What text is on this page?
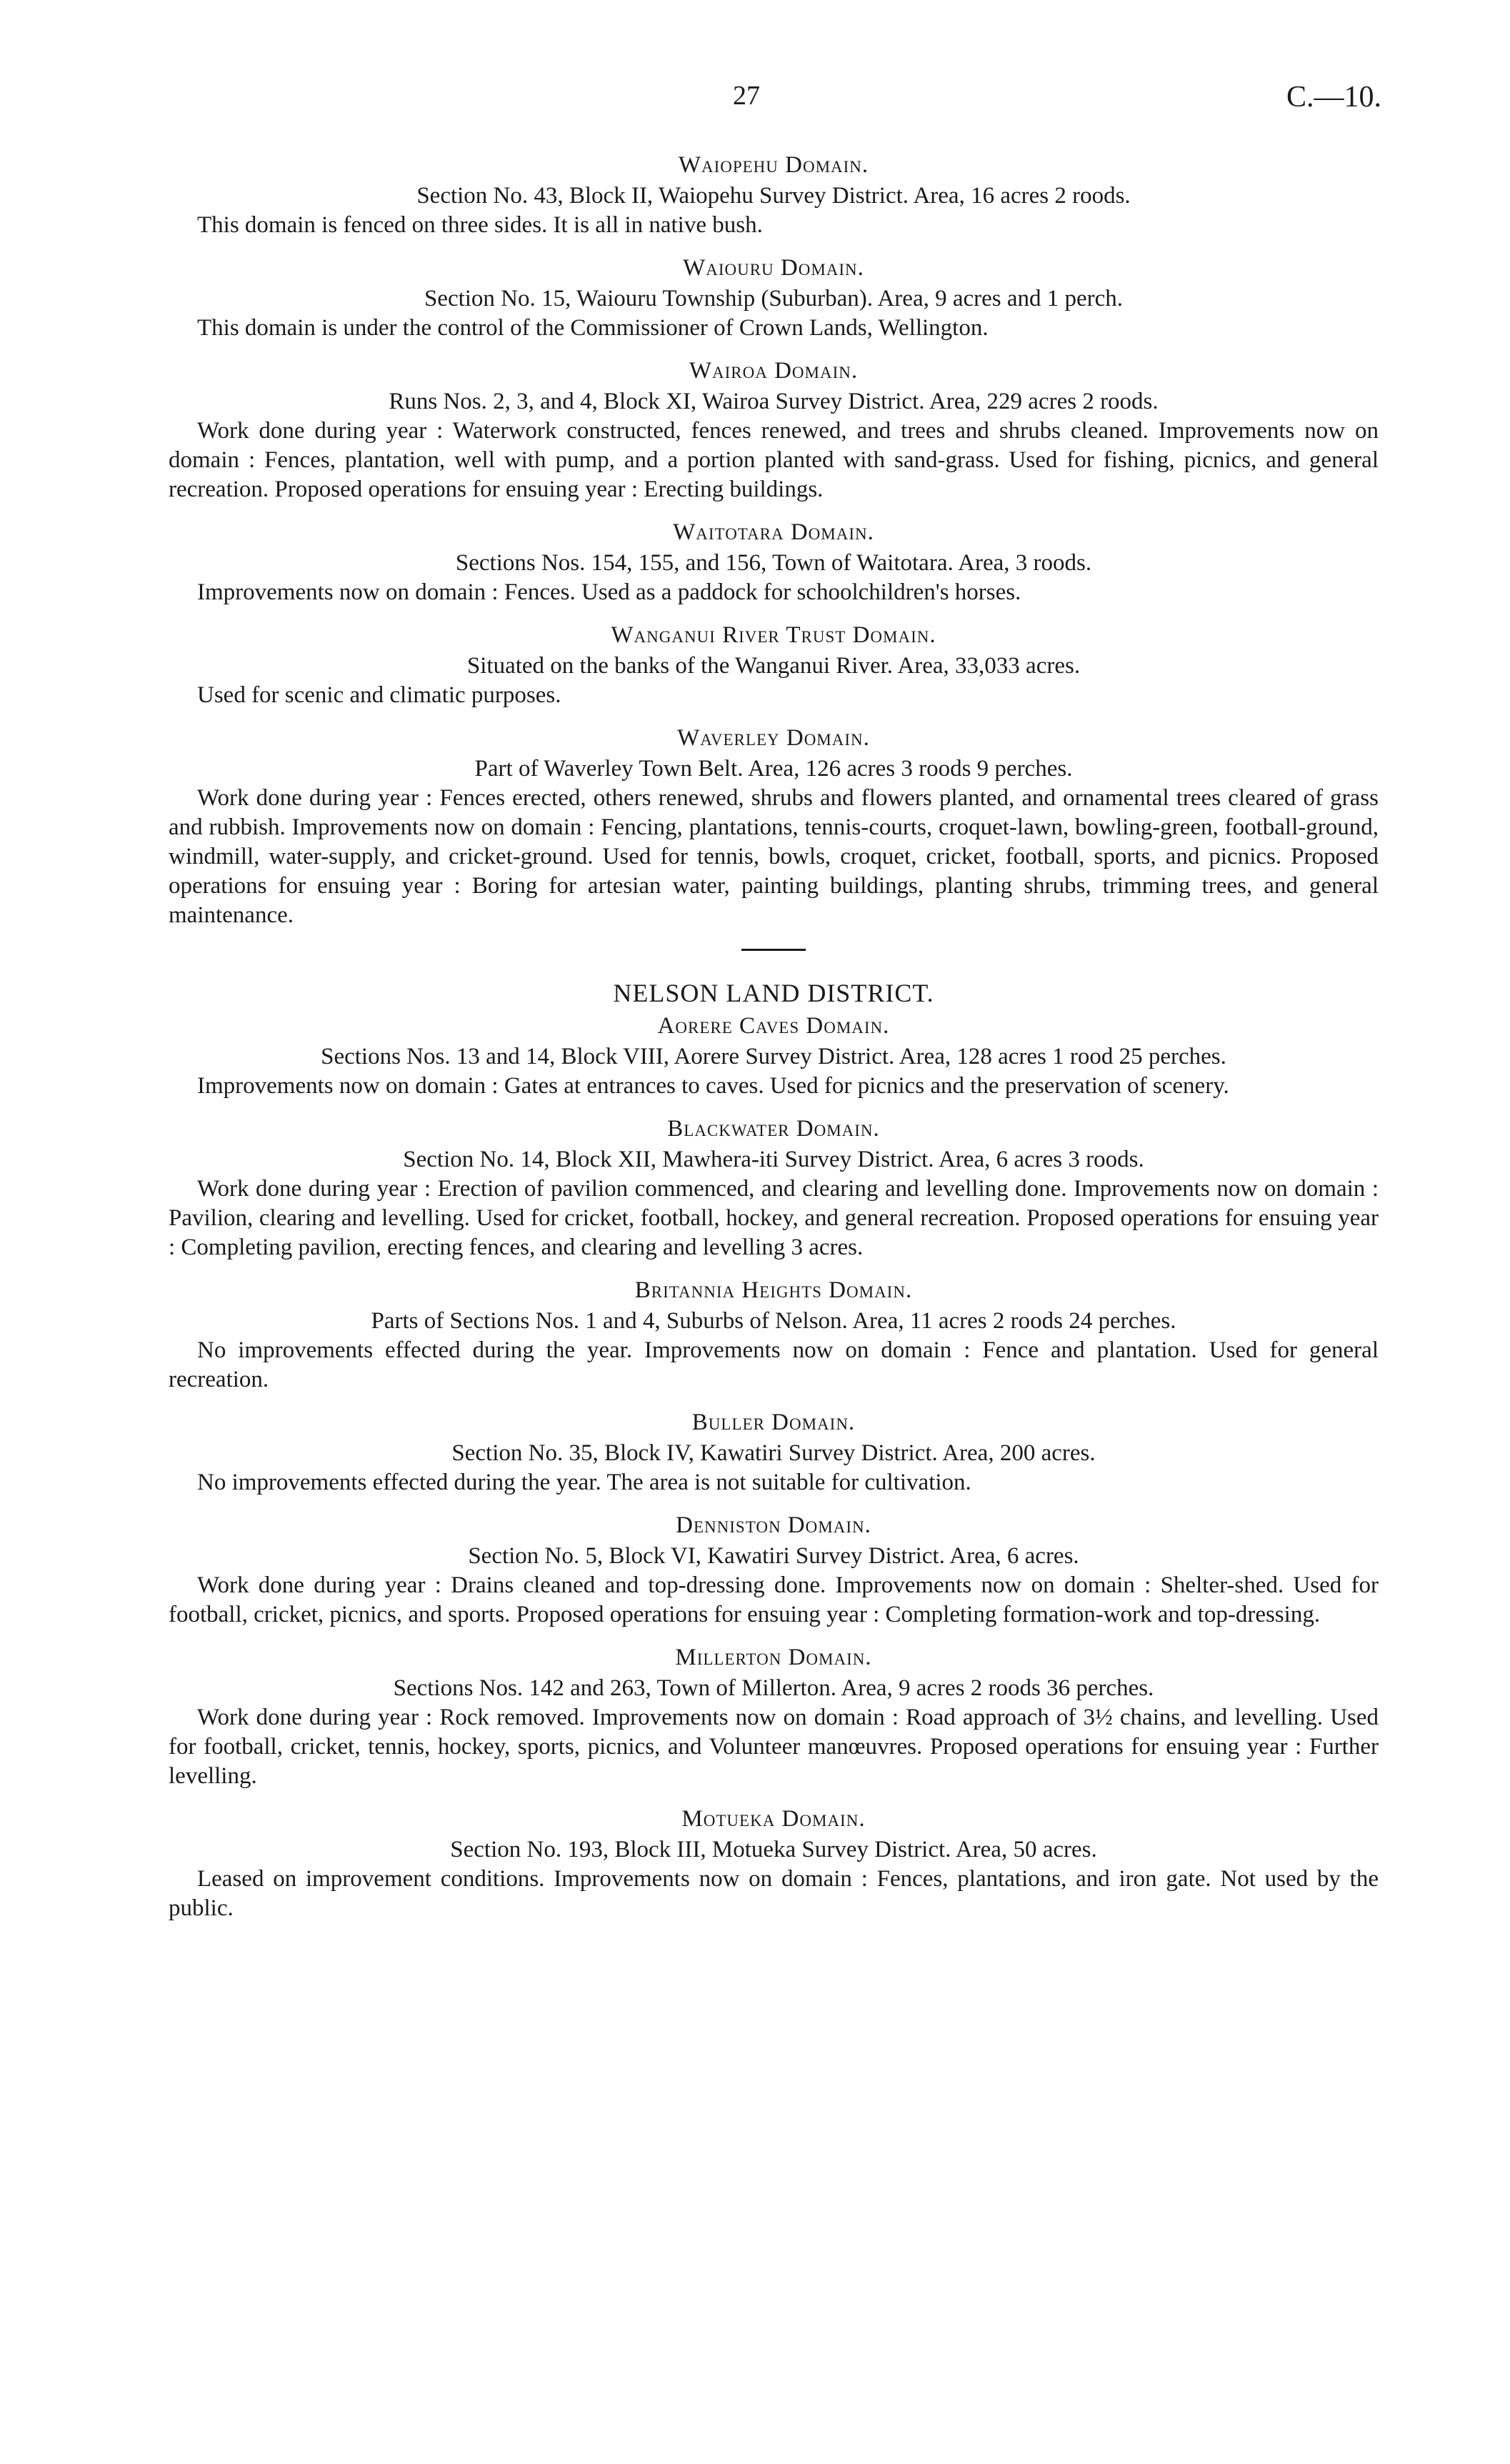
27	C.—10.
Waiopehu Domain.

Section No. 43, Block II, Waiopehu Survey District. Area, 16 acres 2 roods.

This domain is fenced on three sides. It is all in native bush.

Waiouru Domain.

Section No. 15, Waiouru Township (Suburban). Area, 9 acres and 1 perch.

This domain is under the control of the Commissioner of Crown Lands, Wellington.

Wairoa Domain.

Runs Nos. 2, 3, and 4, Block XI, Wairoa Survey District. Area, 229 acres 2 roods.

Work done during year : Waterwork constructed, fences renewed, and trees and shrubs cleaned. Improvements now on domain : Fences, plantation, well with pump, and a portion planted with sand-grass. Used for fishing, picnics, and general recreation. Proposed operations for ensuing year : Erecting buildings.

Waitotara Domain.

Sections Nos. 154, 155, and 156, Town of Waitotara. Area, 3 roods.

Improvements now on domain : Fences. Used as a paddock for schoolchildren's horses.

Wanganui River Trust Domain.

Situated on the banks of the Wanganui River. Area, 33,033 acres.

Used for scenic and climatic purposes.

Waverley Domain.

Part of Waverley Town Belt. Area, 126 acres 3 roods 9 perches.

Work done during year : Fences erected, others renewed, shrubs and flowers planted, and ornamental trees cleared of grass and rubbish. Improvements now on domain : Fencing, plantations, tennis-courts, croquet-lawn, bowling-green, football-ground, windmill, water-supply, and cricket-ground. Used for tennis, bowls, croquet, cricket, football, sports, and picnics. Proposed operations for ensuing year : Boring for artesian water, painting buildings, planting shrubs, trimming trees, and general maintenance.

NELSON LAND DISTRICT.
Aorere Caves Domain.

Sections Nos. 13 and 14, Block VIII, Aorere Survey District. Area, 128 acres 1 rood 25 perches.

Improvements now on domain : Gates at entrances to caves. Used for picnics and the preservation of scenery.

Blackwater Domain.

Section No. 14, Block XII, Mawhera-iti Survey District. Area, 6 acres 3 roods.

Work done during year : Erection of pavilion commenced, and clearing and levelling done. Improvements now on domain : Pavilion, clearing and levelling. Used for cricket, football, hockey, and general recreation. Proposed operations for ensuing year : Completing pavilion, erecting fences, and clearing and levelling 3 acres.

Britannia Heights Domain.

Parts of Sections Nos. 1 and 4, Suburbs of Nelson. Area, 11 acres 2 roods 24 perches.

No improvements effected during the year. Improvements now on domain : Fence and plantation. Used for general recreation.

Buller Domain.

Section No. 35, Block IV, Kawatiri Survey District. Area, 200 acres.

No improvements effected during the year. The area is not suitable for cultivation.

Denniston Domain.

Section No. 5, Block VI, Kawatiri Survey District. Area, 6 acres.

Work done during year : Drains cleaned and top-dressing done. Improvements now on domain : Shelter-shed. Used for football, cricket, picnics, and sports. Proposed operations for ensuing year : Completing formation-work and top-dressing.

Millerton Domain.

Sections Nos. 142 and 263, Town of Millerton. Area, 9 acres 2 roods 36 perches.

Work done during year : Rock removed. Improvements now on domain : Road approach of 3½ chains, and levelling. Used for football, cricket, tennis, hockey, sports, picnics, and Volunteer manœuvres. Proposed operations for ensuing year : Further levelling.

Motueka Domain.

Section No. 193, Block III, Motueka Survey District. Area, 50 acres.

Leased on improvement conditions. Improvements now on domain : Fences, plantations, and iron gate. Not used by the public.
